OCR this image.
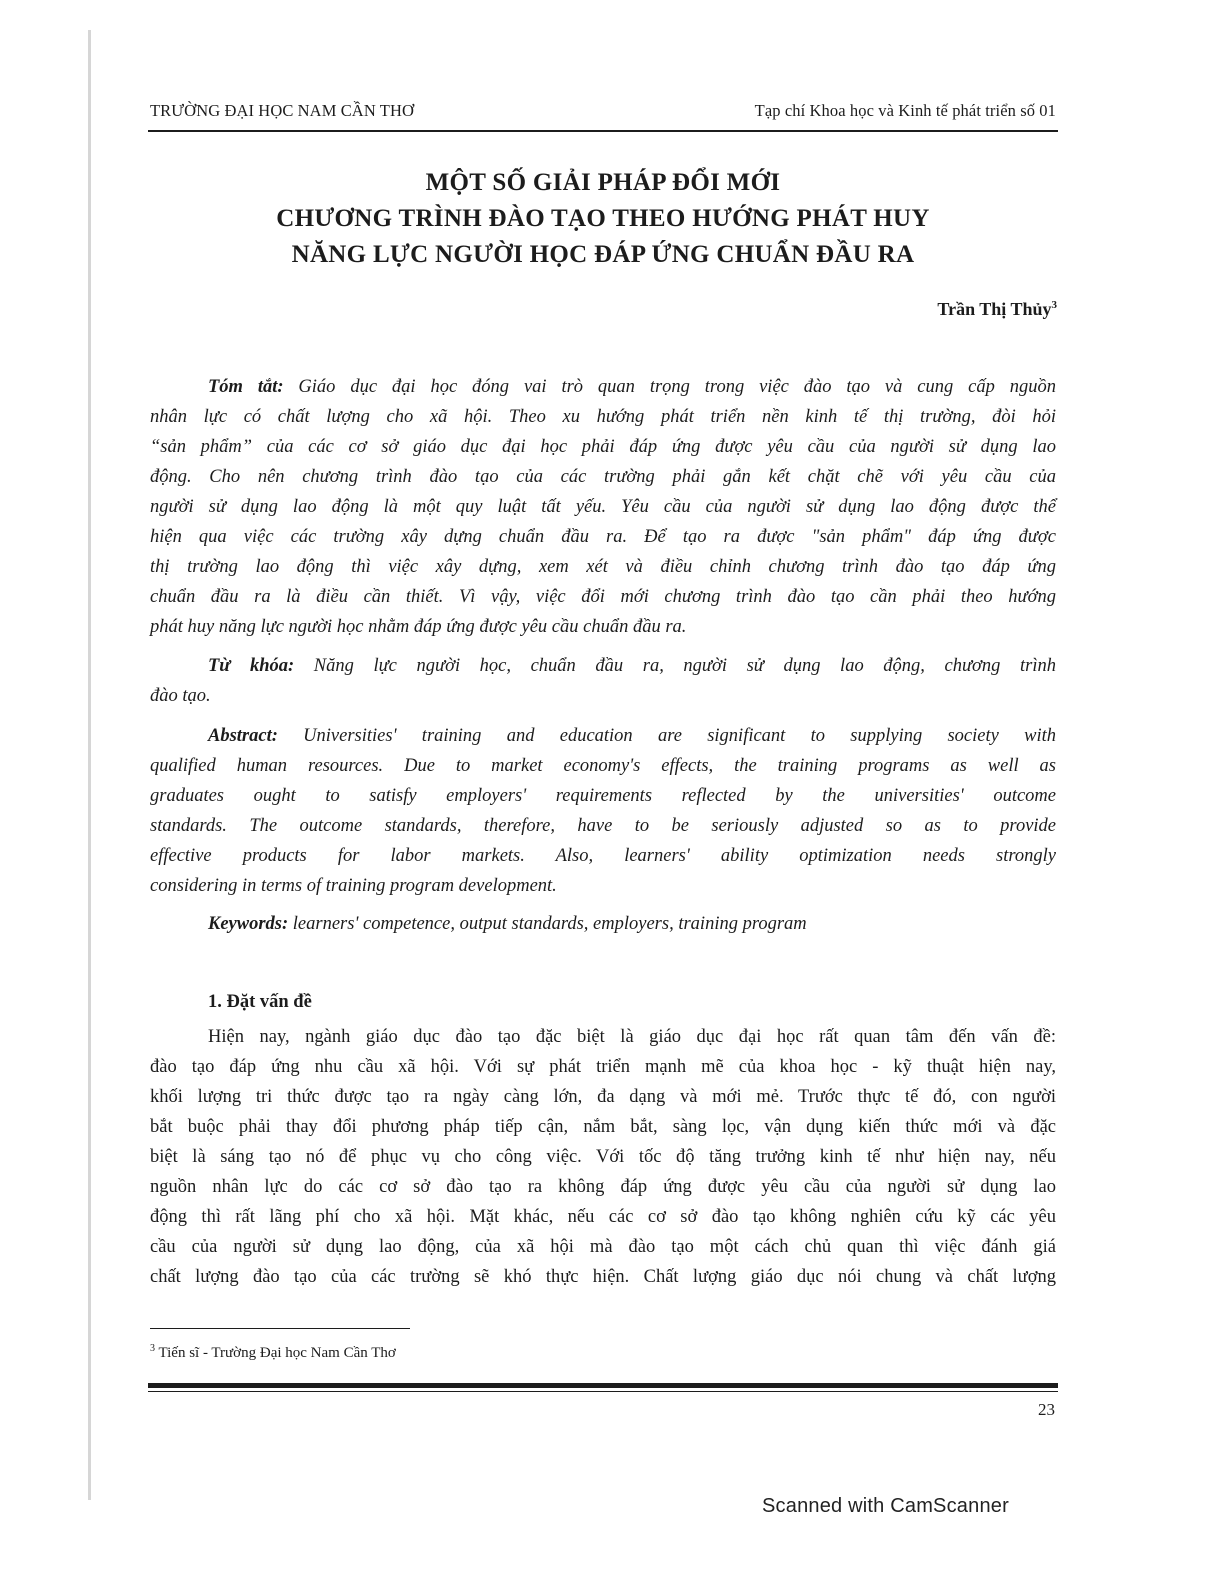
TRƯỜNG ĐẠI HỌC NAM CẦN THƠ	Tạp chí Khoa học và Kinh tế phát triển số 01
MỘT SỐ GIẢI PHÁP ĐỔI MỚI
CHƯƠNG TRÌNH ĐÀO TẠO THEO HƯỚNG PHÁT HUY
NĂNG LỰC NGƯỜI HỌC ĐÁP ỨNG CHUẨN ĐẦU RA
Trần Thị Thủy$^3$
Tóm tắt: Giáo dục đại học đóng vai trò quan trọng trong việc đào tạo và cung cấp nguồn
nhân lực có chất lượng cho xã hội. Theo xu hướng phát triển nền kinh tế thị trường, đòi hỏi
“sản phẩm” của các cơ sở giáo dục đại học phải đáp ứng được yêu cầu của người sử dụng lao
động. Cho nên chương trình đào tạo của các trường phải gắn kết chặt chẽ với yêu cầu của
người sử dụng lao động là một quy luật tất yếu. Yêu cầu của người sử dụng lao động được thể
hiện qua việc các trường xây dựng chuẩn đầu ra. Để tạo ra được "sản phẩm" đáp ứng được
thị trường lao động thì việc xây dựng, xem xét và điều chỉnh chương trình đào tạo đáp ứng
chuẩn đầu ra là điều cần thiết. Vì vậy, việc đổi mới chương trình đào tạo cần phải theo hướng
phát huy năng lực người học nhằm đáp ứng được yêu cầu chuẩn đầu ra.
Từ khóa: Năng lực người học, chuẩn đầu ra, người sử dụng lao động, chương trình
đào tạo.
Abstract: Universities' training and education are significant to supplying society with
qualified human resources. Due to market economy's effects, the training programs as well as
graduates ought to satisfy employers' requirements reflected by the universities' outcome
standards. The outcome standards, therefore, have to be seriously adjusted so as to provide
effective products for labor markets. Also, learners' ability optimization needs strongly
considering in terms of training program development.
Keywords: learners' competence, output standards, employers, training program
1. Đặt vấn đề
Hiện nay, ngành giáo dục đào tạo đặc biệt là giáo dục đại học rất quan tâm đến vấn đề:
đào tạo đáp ứng nhu cầu xã hội. Với sự phát triển mạnh mẽ của khoa học - kỹ thuật hiện nay,
khối lượng tri thức được tạo ra ngày càng lớn, đa dạng và mới mẻ. Trước thực tế đó, con người
bắt buộc phải thay đổi phương pháp tiếp cận, nắm bắt, sàng lọc, vận dụng kiến thức mới và đặc
biệt là sáng tạo nó để phục vụ cho công việc. Với tốc độ tăng trưởng kinh tế như hiện nay, nếu
nguồn nhân lực do các cơ sở đào tạo ra không đáp ứng được yêu cầu của người sử dụng lao
động thì rất lãng phí cho xã hội. Mặt khác, nếu các cơ sở đào tạo không nghiên cứu kỹ các yêu
cầu của người sử dụng lao động, của xã hội mà đào tạo một cách chủ quan thì việc đánh giá
chất lượng đào tạo của các trường sẽ khó thực hiện. Chất lượng giáo dục nói chung và chất lượng
$^3$ Tiến sĩ - Trường Đại học Nam Cần Thơ
23
Scanned with CamScanner
